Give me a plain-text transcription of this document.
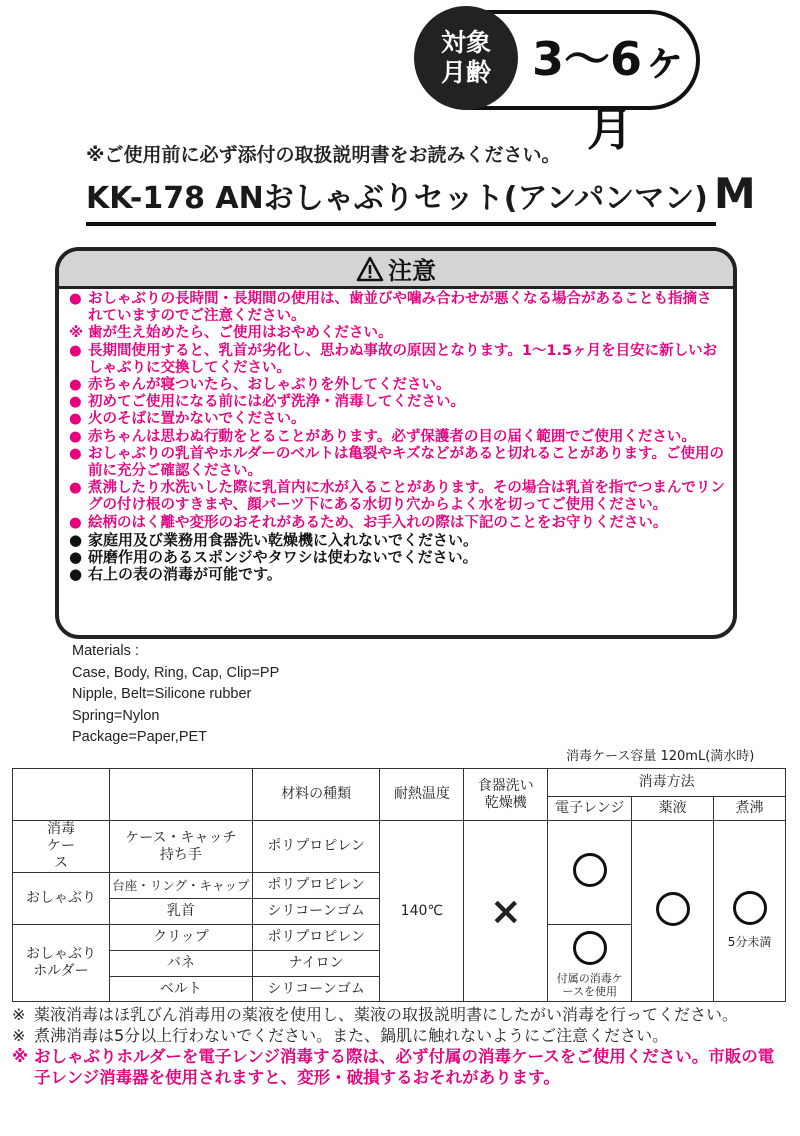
対象
月齢 3〜6ヶ月
※ご使用前に必ず添付の取扱説明書をお読みください。
KK-178 ANおしゃぶりセット(アンパンマン) M
注意
● おしゃぶりの長時間・長期間の使用は、歯並びや噛み合わせが悪くなる場合があることも指摘されていますのでご注意ください。
※ 歯が生え始めたら、ご使用はおやめください。
● 長期間使用すると、乳首が劣化し、思わぬ事故の原因となります。1〜1.5ヶ月を目安に新しいおしゃぶりに交換してください。
● 赤ちゃんが寝ついたら、おしゃぶりを外してください。
● 初めてご使用になる前には必ず洗浄・消毒してください。
● 火のそばに置かないでください。
● 赤ちゃんは思わぬ行動をとることがあります。必ず保護者の目の届く範囲でご使用ください。
● おしゃぶりの乳首やホルダーのベルトは亀裂やキズなどがあると切れることがあります。ご使用の前に充分ご確認ください。
● 煮沸したり水洗いした際に乳首内に水が入ることがあります。その場合は乳首を指でつまんでリングの付け根のすきまや、顔パーツ下にある水切り穴からよく水を切ってご使用ください。
● 絵柄のはく離や変形のおそれがあるため、お手入れの際は下記のことをお守りください。
● 家庭用及び業務用食器洗い乾燥機に入れないでください。
● 研磨作用のあるスポンジやタワシは使わないでください。
● 右上の表の消毒が可能です。
Materials :
Case, Body, Ring, Cap, Clip=PP
Nipple, Belt=Silicone rubber
Spring=Nylon
Package=Paper,PET
消毒ケース容量 120mL(満水時)
		材料の種類	耐熱温度	食器洗い乾燥機	消毒方法		
					電子レンジ	薬液	煮沸

消毒ケース	ケース・キャッチ持ち手	ポリプロピレン	140℃	×			5分未満

おしゃぶり	台座・リング・キャップ	ポリプロピレン					
	乳首	シリコーンゴム					

おしゃぶりホルダー	クリップ	ポリプロピレン			付属の消毒ケースを使用		

	バネ	ナイロン					
	ベルト	シリコーンゴム					
※ 薬液消毒はほ乳びん消毒用の薬液を使用し、薬液の取扱説明書にしたがい消毒を行ってください。
※ 煮沸消毒は5分以上行わないでください。また、鍋肌に触れないようにご注意ください。
※ おしゃぶりホルダーを電子レンジ消毒する際は、必ず付属の消毒ケースをご使用ください。市販の電子レンジ消毒器を使用されますと、変形・破損するおそれがあります。
